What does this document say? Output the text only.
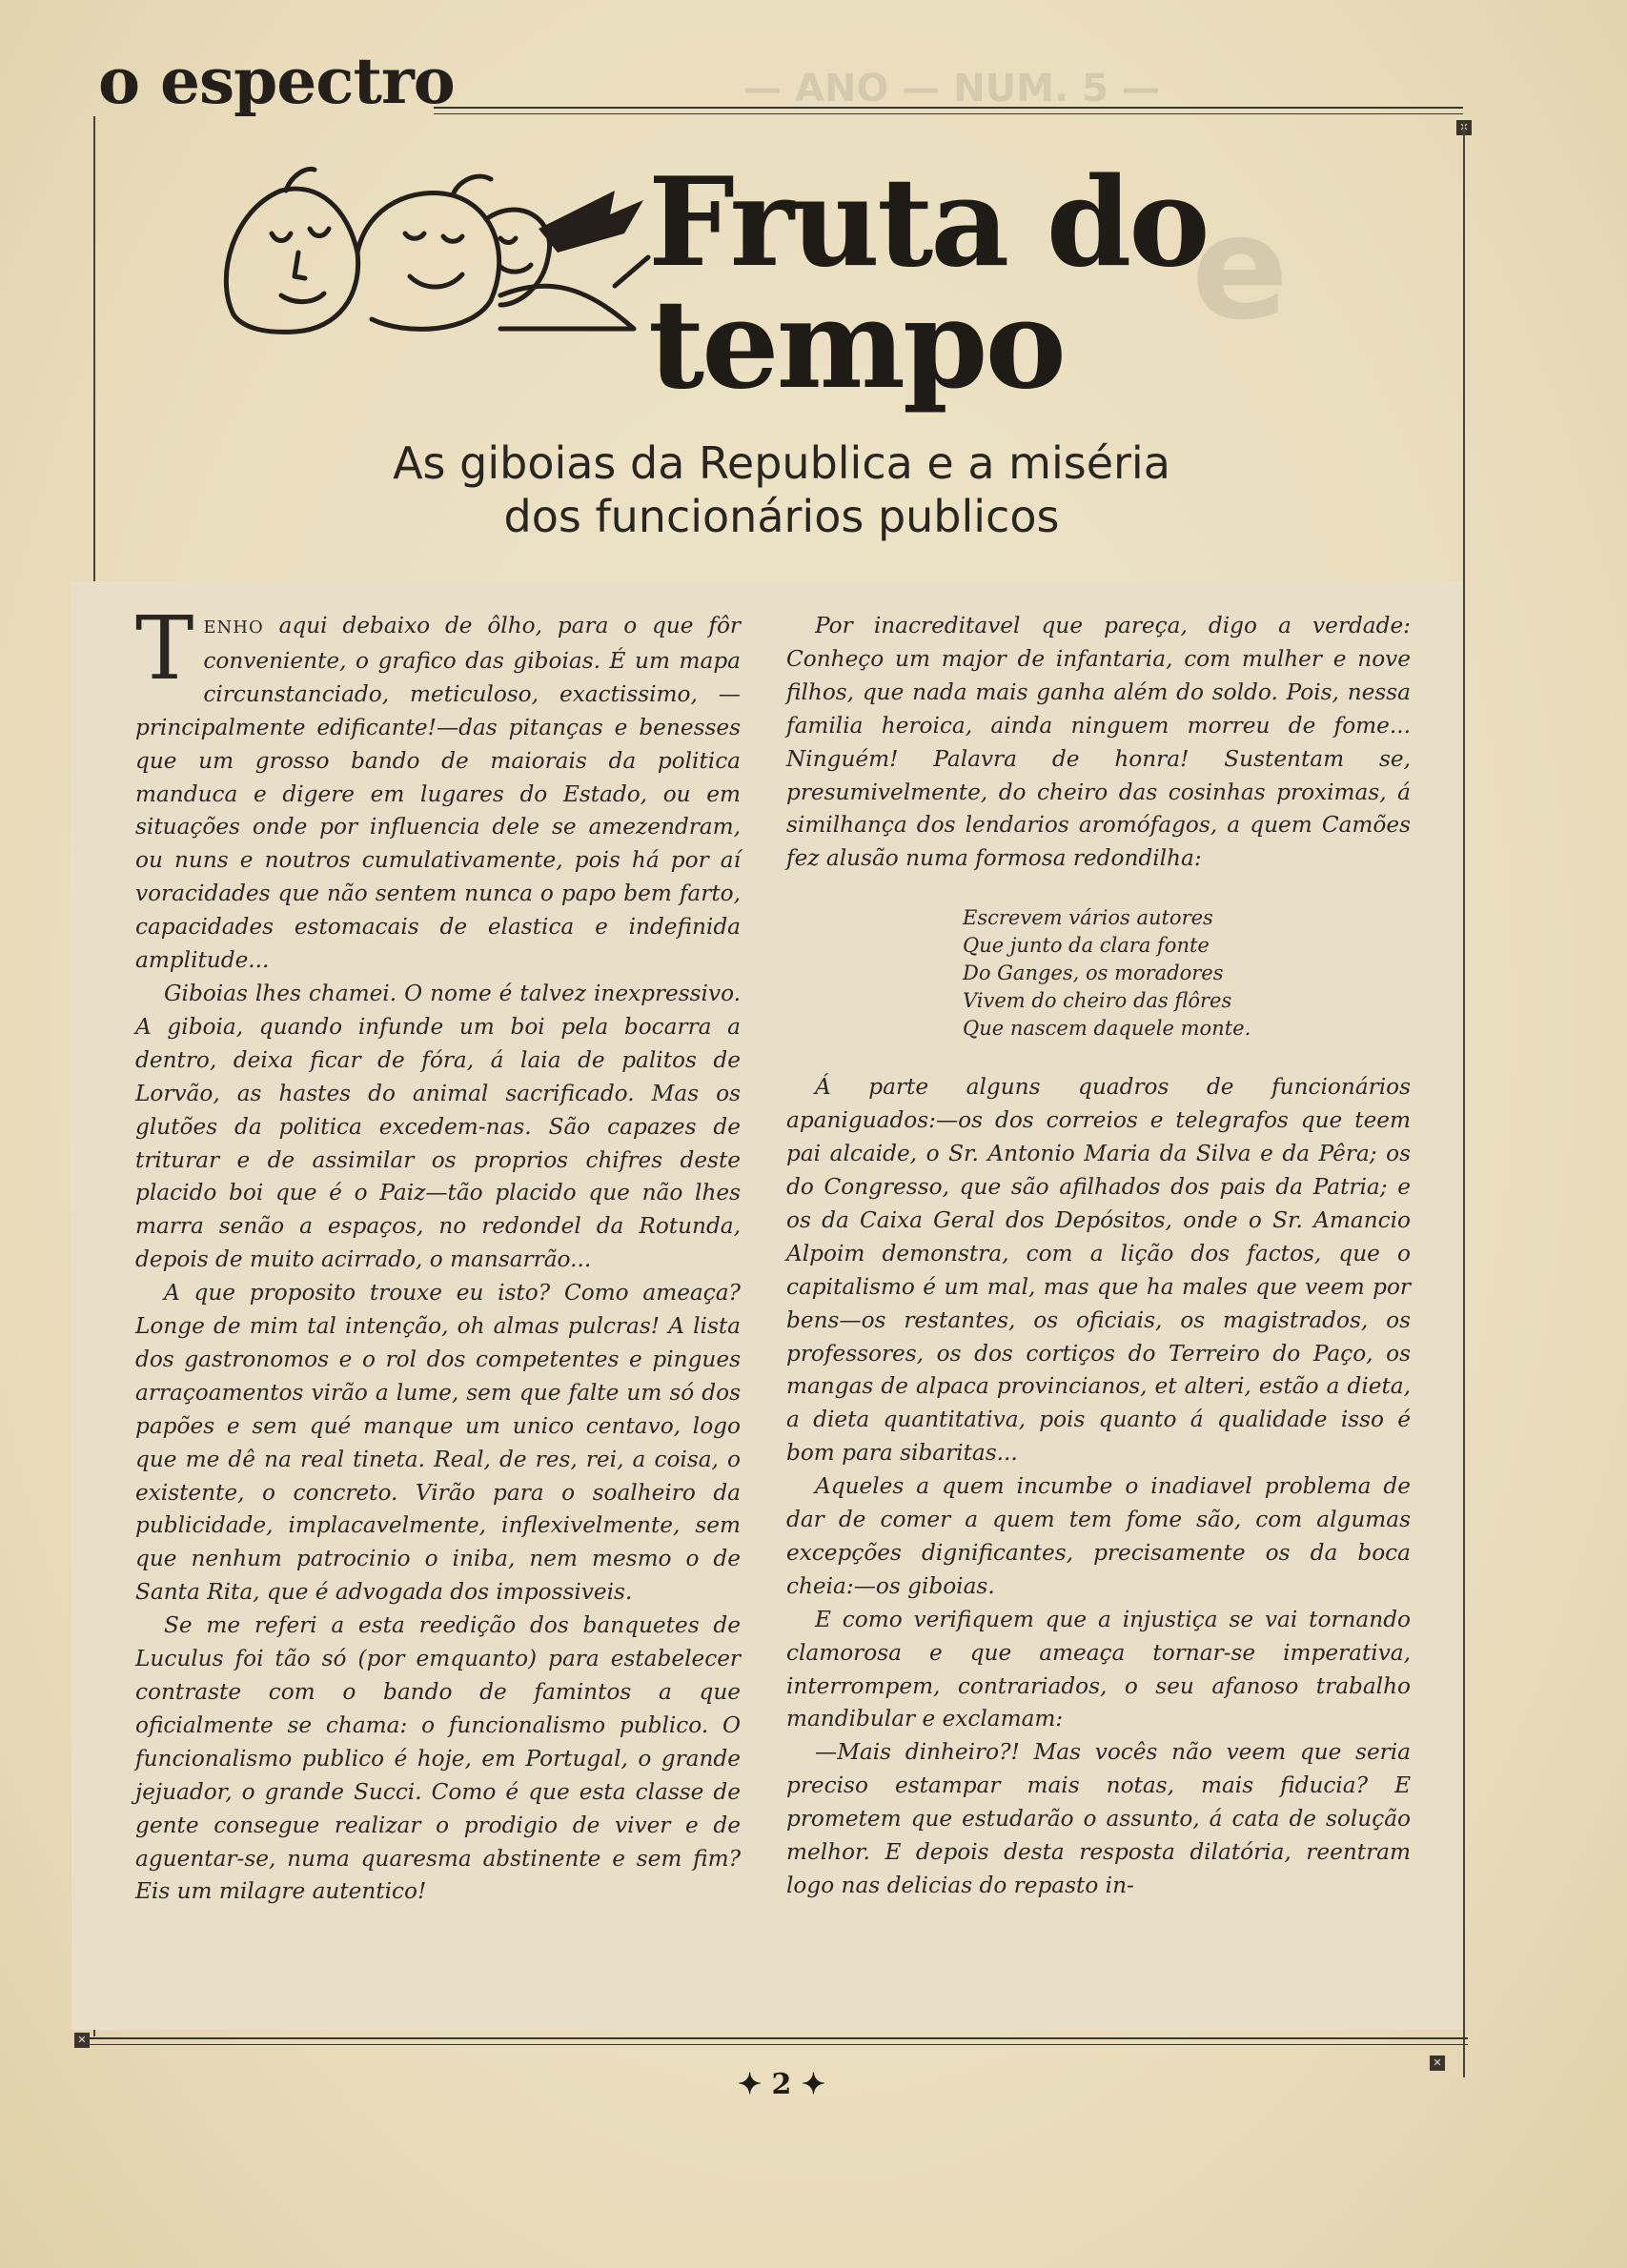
— ANO — NUM. 5 —
e
o espectro
✕
Fruta do tempo
As giboias da Republica e a miséria
dos funcionários publicos

TENHO aqui debaixo de ôlho, para o que fôr conveniente, o grafico das giboias. É um mapa circunstanciado, meticuloso, exactissimo, —principalmente edificante!—das pitanças e benesses que um grosso bando de maiorais da politica manduca e digere em lugares do Estado, ou em situações onde por influencia dele se amezendram, ou nuns e noutros cumulativamente, pois há por aí voracidades que não sentem nunca o papo bem farto, capacidades estomacais de elastica e indefinida amplitude...

Giboias lhes chamei. O nome é talvez inexpressivo. A giboia, quando infunde um boi pela bocarra a dentro, deixa ficar de fóra, á laia de palitos de Lorvão, as hastes do animal sacrificado. Mas os glutões da politica excedem-nas. São capazes de triturar e de assimilar os proprios chifres deste placido boi que é o Paiz—tão placido que não lhes marra senão a espaços, no redondel da Rotunda, depois de muito acirrado, o mansarrão...

A que proposito trouxe eu isto? Como ameaça? Longe de mim tal intenção, oh almas pulcras! A lista dos gastronomos e o rol dos competentes e pingues arraçoamentos virão a lume, sem que falte um só dos papões e sem qué manque um unico centavo, logo que me dê na real tineta. Real, de res, rei, a coisa, o existente, o concreto. Virão para o soalheiro da publicidade, implacavelmente, inflexivelmente, sem que nenhum patrocinio o iniba, nem mesmo o de Santa Rita, que é advogada dos impossiveis.

Se me referi a esta reedição dos banquetes de Luculus foi tão só (por emquanto) para estabelecer contraste com o bando de famintos a que oficialmente se chama: o funcionalismo publico. O funcionalismo publico é hoje, em Portugal, o grande jejuador, o grande Succi. Como é que esta classe de gente consegue realizar o prodigio de viver e de aguentar-se, numa quaresma abstinente e sem fim? Eis um milagre autentico!

Por inacreditavel que pareça, digo a verdade: Conheço um major de infantaria, com mulher e nove filhos, que nada mais ganha além do soldo. Pois, nessa familia heroica, ainda ninguem morreu de fome... Ninguém! Palavra de honra! Sustentam se, presumivelmente, do cheiro das cosinhas proximas, á similhança dos lendarios aromófagos, a quem Camões fez alusão numa formosa redondilha:

Escrevem vários autores
Que junto da clara fonte
Do Ganges, os moradores
Vivem do cheiro das flôres
Que nascem daquele monte.

Á parte alguns quadros de funcionários apaniguados:—os dos correios e telegrafos que teem pai alcaide, o Sr. Antonio Maria da Silva e da Pêra; os do Congresso, que são afilhados dos pais da Patria; e os da Caixa Geral dos Depósitos, onde o Sr. Amancio Alpoim demonstra, com a lição dos factos, que o capitalismo é um mal, mas que ha males que veem por bens—os restantes, os oficiais, os magistrados, os professores, os dos cortiços do Terreiro do Paço, os mangas de alpaca provincianos, et alteri, estão a dieta, a dieta quantitativa, pois quanto á qualidade isso é bom para sibaritas...

Aqueles a quem incumbe o inadiavel problema de dar de comer a quem tem fome são, com algumas excepções dignificantes, precisamente os da boca cheia:—os giboias.

E como verifiquem que a injustiça se vai tornando clamorosa e que ameaça tornar-se imperativa, interrompem, contrariados, o seu afanoso trabalho mandibular e exclamam:

—Mais dinheiro?! Mas vocês não veem que seria preciso estampar mais notas, mais fiducia? E prometem que estudarão o assunto, á cata de solução melhor. E depois desta resposta dilatória, reentram logo nas delicias do repasto in-

✕
✕
✦ 2 ✦
